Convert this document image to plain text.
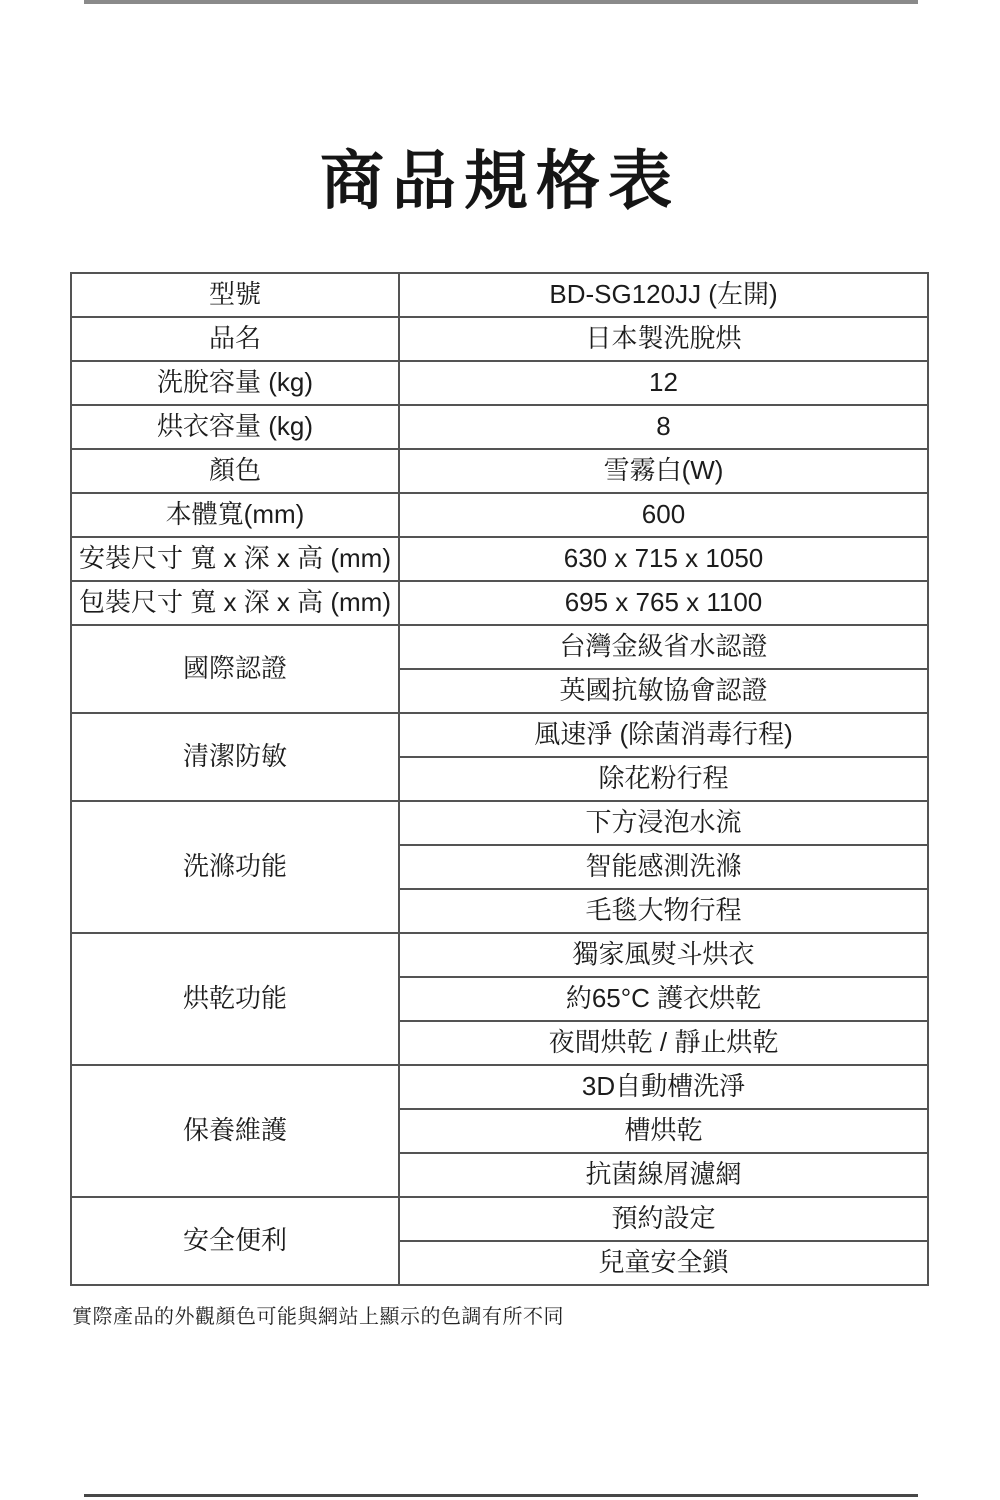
商品規格表
型號	BD-SG120JJ (左開)
品名	日本製洗脫烘
洗脫容量 (kg)	12
烘衣容量 (kg)	8
顏色	雪霧白(W)
本體寬(mm)	600
安裝尺寸 寬 x 深 x 高 (mm)	630 x 715 x 1050
包裝尺寸 寬 x 深 x 高 (mm)	695 x 765 x 1100
國際認證	台灣金級省水認證
	英國抗敏協會認證
清潔防敏	風速淨 (除菌消毒行程)
	除花粉行程
洗滌功能	下方浸泡水流
	智能感測洗滌
	毛毯大物行程
烘乾功能	獨家風熨斗烘衣
	約65°C 護衣烘乾
	夜間烘乾 / 靜止烘乾
保養維護	3D自動槽洗淨
	槽烘乾
	抗菌線屑濾網
安全便利	預約設定
	兒童安全鎖

實際產品的外觀顏色可能與網站上顯示的色調有所不同
